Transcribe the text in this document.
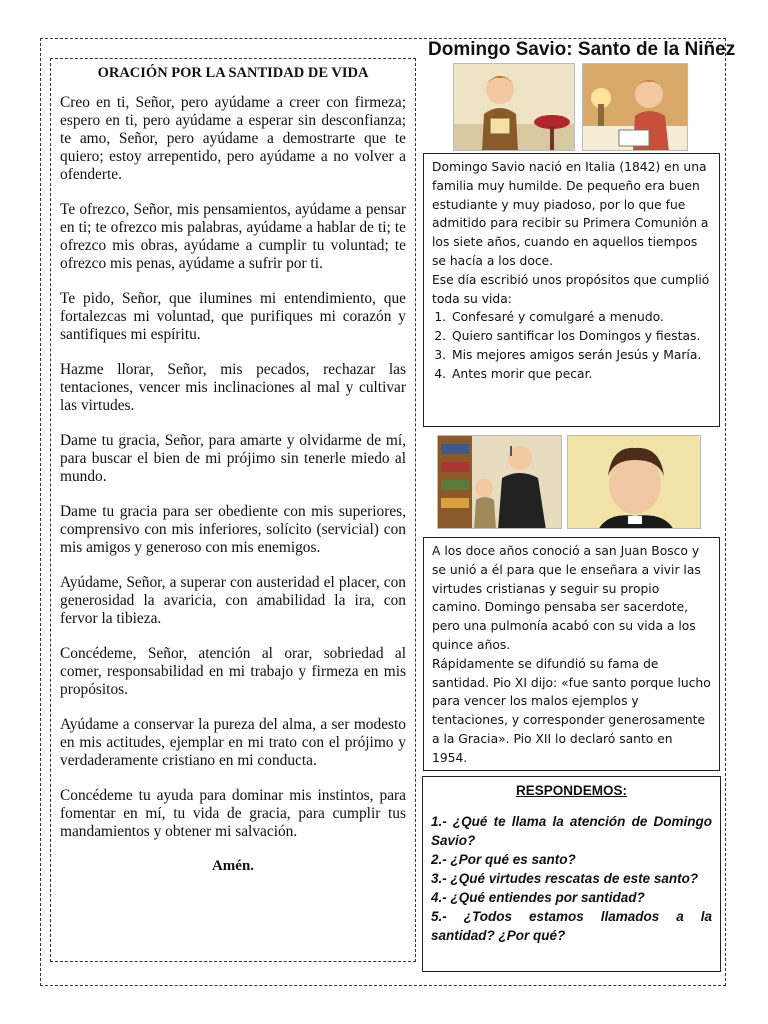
ORACIÓN POR LA SANTIDAD DE VIDA

Creo en ti, Señor, pero ayúdame a creer con firmeza; espero en ti, pero ayúdame a esperar sin desconfianza; te amo, Señor, pero ayúdame a demostrarte que te quiero; estoy arrepentido, pero ayúdame a no volver a ofenderte.

Te ofrezco, Señor, mis pensamientos, ayúdame a pensar en ti; te ofrezco mis palabras, ayúdame a hablar de ti; te ofrezco mis obras, ayúdame a cumplir tu voluntad; te ofrezco mis penas, ayúdame a sufrir por ti.

Te pido, Señor, que ilumines mi entendimiento, que fortalezcas mi voluntad, que purifiques mi corazón y santifiques mi espíritu.

Hazme llorar, Señor, mis pecados, rechazar las tentaciones, vencer mis inclinaciones al mal y cultivar las virtudes.

Dame tu gracia, Señor, para amarte y olvidarme de mí, para buscar el bien de mi prójimo sin tenerle miedo al mundo.

Dame tu gracia para ser obediente con mis superiores, comprensivo con mis inferiores, solícito (servicial) con mis amigos y generoso con mis enemigos.

Ayúdame, Señor, a superar con austeridad el placer, con generosidad la avaricia, con amabilidad la ira, con fervor la tibieza.

Concédeme, Señor, atención al orar, sobriedad al comer, responsabilidad en mi trabajo y firmeza en mis propósitos.

Ayúdame a conservar la pureza del alma, a ser modesto en mis actitudes, ejemplar en mi trato con el prójimo y verdaderamente cristiano en mi conducta.

Concédeme tu ayuda para dominar mis instintos, para fomentar en mí, tu vida de gracia, para cumplir tus mandamientos y obtener mi salvación.

Amén.
Domingo Savio: Santo de la Niñez

Domingo Savio nació en Italia (1842) en una familia muy humilde. De pequeño era buen estudiante y muy piadoso, por lo que fue admitido para recibir su Primera Comunión a los siete años, cuando en aquellos tiempos se hacía a los doce.

Ese día escribió unos propósitos que cumplió toda su vida:

1. Confesaré y comulgaré a menudo.
2. Quiero santificar los Domingos y fiestas.
3. Mis mejores amigos serán Jesús y María.
4. Antes morir que pecar.

A los doce años conoció a san Juan Bosco y se unió a él para que le enseñara a vivir las virtudes cristianas y seguir su propio camino. Domingo pensaba ser sacerdote, pero una pulmonía acabó con su vida a los quince años.

Rápidamente se difundió su fama de santidad. Pio XI dijo: «fue santo porque lucho para vencer los malos ejemplos y tentaciones, y corresponder generosamente a la Gracia». Pio XII lo declaró santo en 1954.

RESPONDEMOS:

1.- ¿Qué te llama la atención de Domingo Savio?

2.- ¿Por qué es santo?

3.- ¿Qué virtudes rescatas de este santo?

4.- ¿Qué entiendes por santidad?

5.- ¿Todos estamos llamados a la santidad? ¿Por qué?
